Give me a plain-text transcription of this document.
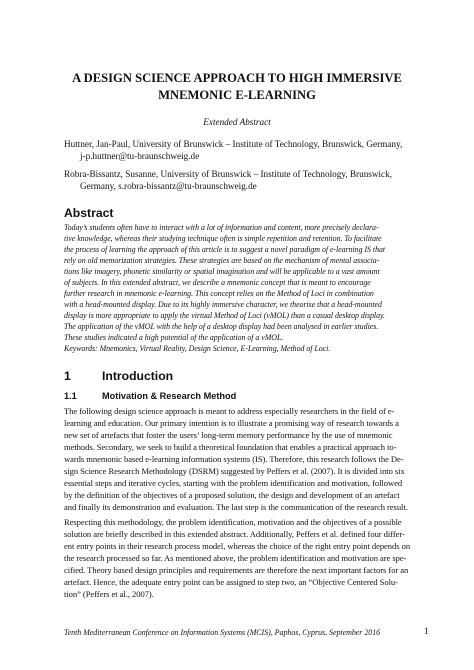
A DESIGN SCIENCE APPROACH TO HIGH IMMERSIVE
MNEMONIC E-LEARNING
Extended Abstract
Huttner, Jan-Paul, University of Brunswick – Institute of Technology, Brunswick, Germany,
j-p.huttner@tu-braunschweig.de
Robra-Bissantz, Susanne, University of Brunswick – Institute of Technology, Brunswick,
Germany, s.robra-bissantz@tu-braunschweig.de
Abstract
Today’s students often have to interact with a lot of information and content, more precisely declara-
tive knowledge, whereas their studying technique often is simple repetition and retention. To facilitate
the process of learning the approach of this article is to suggest a novel paradigm of e-learning IS that
rely on old memorization strategies. These strategies are based on the mechanism of mental associa-
tions like imagery, phonetic similarity or spatial imagination and will be applicable to a vast amount
of subjects. In this extended abstract, we describe a mnemonic concept that is meant to encourage
further research in mnemonic e-learning. This concept relies on the Method of Loci in combination
with a head-mounted display. Due to its highly immersive character, we theorise that a head-mounted
display is more appropriate to apply the virtual Method of Loci (vMOL) than a casual desktop display.
The application of the vMOL with the help of a desktop display had been analysed in earlier studies.
These studies indicated a high potential of the application of a vMOL.
Keywords: Mnemonics, Virtual Reality, Design Science, E-Learning, Method of Loci.
1	Introduction
1.1	Motivation & Research Method
The following design science approach is meant to address especially researchers in the field of e-
learning and education. Our primary intention is to illustrate a promising way of research towards a
new set of artefacts that foster the users’ long-term memory performance by the use of mnemonic
methods. Secondary, we seek to build a theoretical foundation that enables a practical approach to-
wards mnemonic based e-learning information systems (IS). Therefore, this research follows the De-
sign Science Research Methodology (DSRM) suggested by Peffers et al. (2007). It is divided into six
essential steps and iterative cycles, starting with the problem identification and motivation, followed
by the definition of the objectives of a proposed solution, the design and development of an artefact
and finally its demonstration and evaluation. The last step is the communication of the research result.
Respecting this methodology, the problem identification, motivation and the objectives of a possible
solution are briefly described in this extended abstract. Additionally, Peffers et al. defined four differ-
ent entry points in their research process model, whereas the choice of the right entry point depends on
the research processed so far. As mentioned above, the problem identification and motivation are spe-
cified. Theory based design principles and requirements are therefore the next important factors for an
artefact. Hence, the adequate entry point can be assigned to step two, an “Objective Centered Solu-
tion” (Peffers et al., 2007).
Tenth Mediterranean Conference on Information Systems (MCIS), Paphos, Cyprus, September 2016	1
